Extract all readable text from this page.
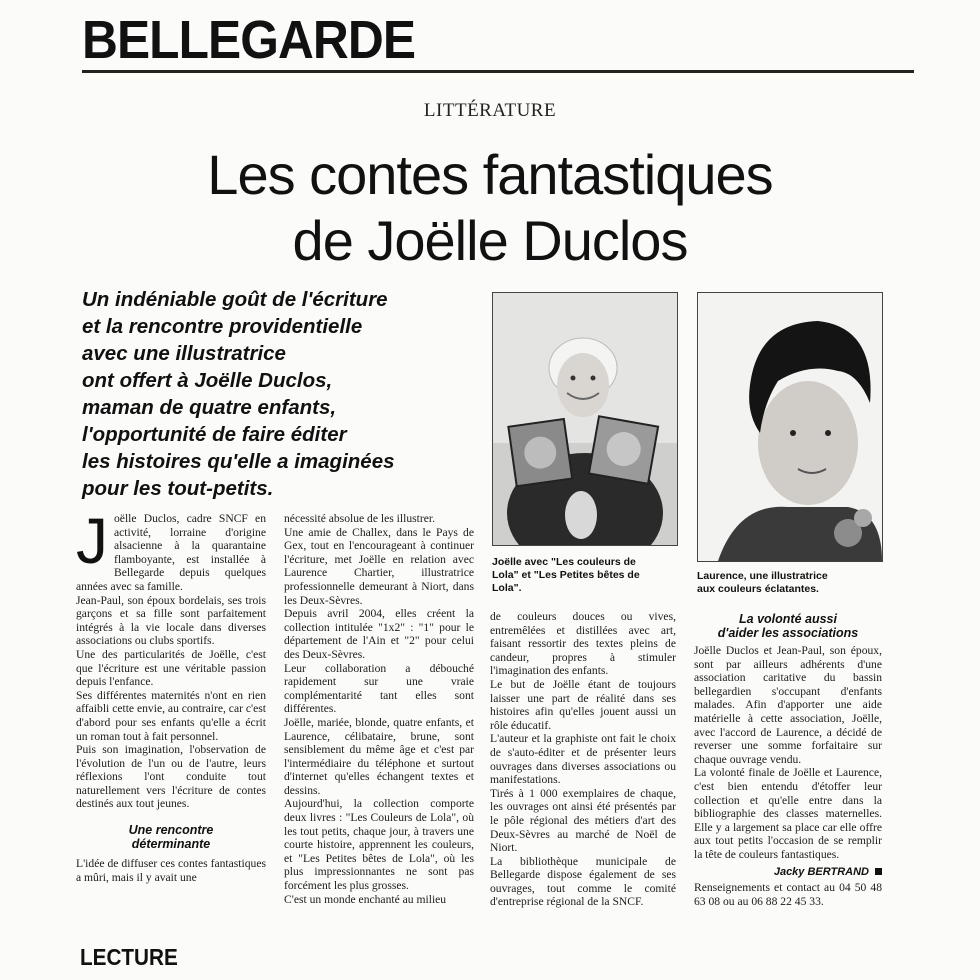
BELLEGARDE
LITTÉRATURE
Les contes fantastiques
de Joëlle Duclos
Un indéniable goût de l'écriture
et la rencontre providentielle
avec une illustratrice
ont offert à Joëlle Duclos,
maman de quatre enfants,
l'opportunité de faire éditer
les histoires qu'elle a imaginées
pour les tout-petits.
Joëlle avec "Les couleurs de Lola" et "Les Petites bêtes de Lola".
Laurence, une illustratrice aux couleurs éclatantes.
J oëlle Duclos, cadre SNCF en activité, lorraine d'origine alsacienne à la quarantaine flamboyante, est installée à Bellegarde depuis quelques années avec sa famille.

Jean-Paul, son époux bordelais, ses trois garçons et sa fille sont parfaitement intégrés à la vie locale dans diverses associations ou clubs sportifs.

Une des particularités de Joëlle, c'est que l'écriture est une véritable passion depuis l'enfance.

Ses différentes maternités n'ont en rien affaibli cette envie, au contraire, car c'est d'abord pour ses enfants qu'elle a écrit un roman tout à fait personnel.

Puis son imagination, l'observation de l'évolution de l'un ou de l'autre, leurs réflexions l'ont conduite tout naturellement vers l'écriture de contes destinés aux tout jeunes.

Une rencontre
déterminante

L'idée de diffuser ces contes fantastiques a mûri, mais il y avait une

nécessité absolue de les illustrer.

Une amie de Challex, dans le Pays de Gex, tout en l'encourageant à continuer l'écriture, met Joëlle en relation avec Laurence Chartier, illustratrice professionnelle demeurant à Niort, dans les Deux-Sèvres.

Depuis avril 2004, elles créent la collection intitulée "1x2" : "1" pour le département de l'Ain et "2" pour celui des Deux-Sèvres.

Leur collaboration a débouché rapidement sur une vraie complémentarité tant elles sont différentes.

Joëlle, mariée, blonde, quatre enfants, et Laurence, célibataire, brune, sont sensiblement du même âge et c'est par l'intermédiaire du téléphone et surtout d'internet qu'elles échangent textes et dessins.

Aujourd'hui, la collection comporte deux livres : "Les Couleurs de Lola", où les tout petits, chaque jour, à travers une courte histoire, apprennent les couleurs, et "Les Petites bêtes de Lola", où les plus impressionnantes ne sont pas forcément les plus grosses.

C'est un monde enchanté au milieu

de couleurs douces ou vives, entremêlées et distillées avec art, faisant ressortir des textes pleins de candeur, propres à stimuler l'imagination des enfants.

Le but de Joëlle étant de toujours laisser une part de réalité dans ses histoires afin qu'elles jouent aussi un rôle éducatif.

L'auteur et la graphiste ont fait le choix de s'auto-éditer et de présenter leurs ouvrages dans diverses associations ou manifestations.

Tirés à 1 000 exemplaires de chaque, les ouvrages ont ainsi été présentés par le pôle régional des métiers d'art des Deux-Sèvres au marché de Noël de Niort.

La bibliothèque municipale de Bellegarde dispose également de ses ouvrages, tout comme le comité d'entreprise régional de la SNCF.

La volonté aussi
d'aider les associations

Joëlle Duclos et Jean-Paul, son époux, sont par ailleurs adhérents d'une association caritative du bassin bellegardien s'occupant d'enfants malades. Afin d'apporter une aide matérielle à cette association, Joëlle, avec l'accord de Laurence, a décidé de reverser une somme forfaitaire sur chaque ouvrage vendu.

La volonté finale de Joëlle et Laurence, c'est bien entendu d'étoffer leur collection et qu'elle entre dans la bibliographie des classes maternelles. Elle y a largement sa place car elle offre aux tout petits l'occasion de se remplir la tête de couleurs fantastiques.

Jacky BERTRAND

Renseignements et contact au 04 50 48 63 08 ou au 06 88 22 45 33.

LECTURE
